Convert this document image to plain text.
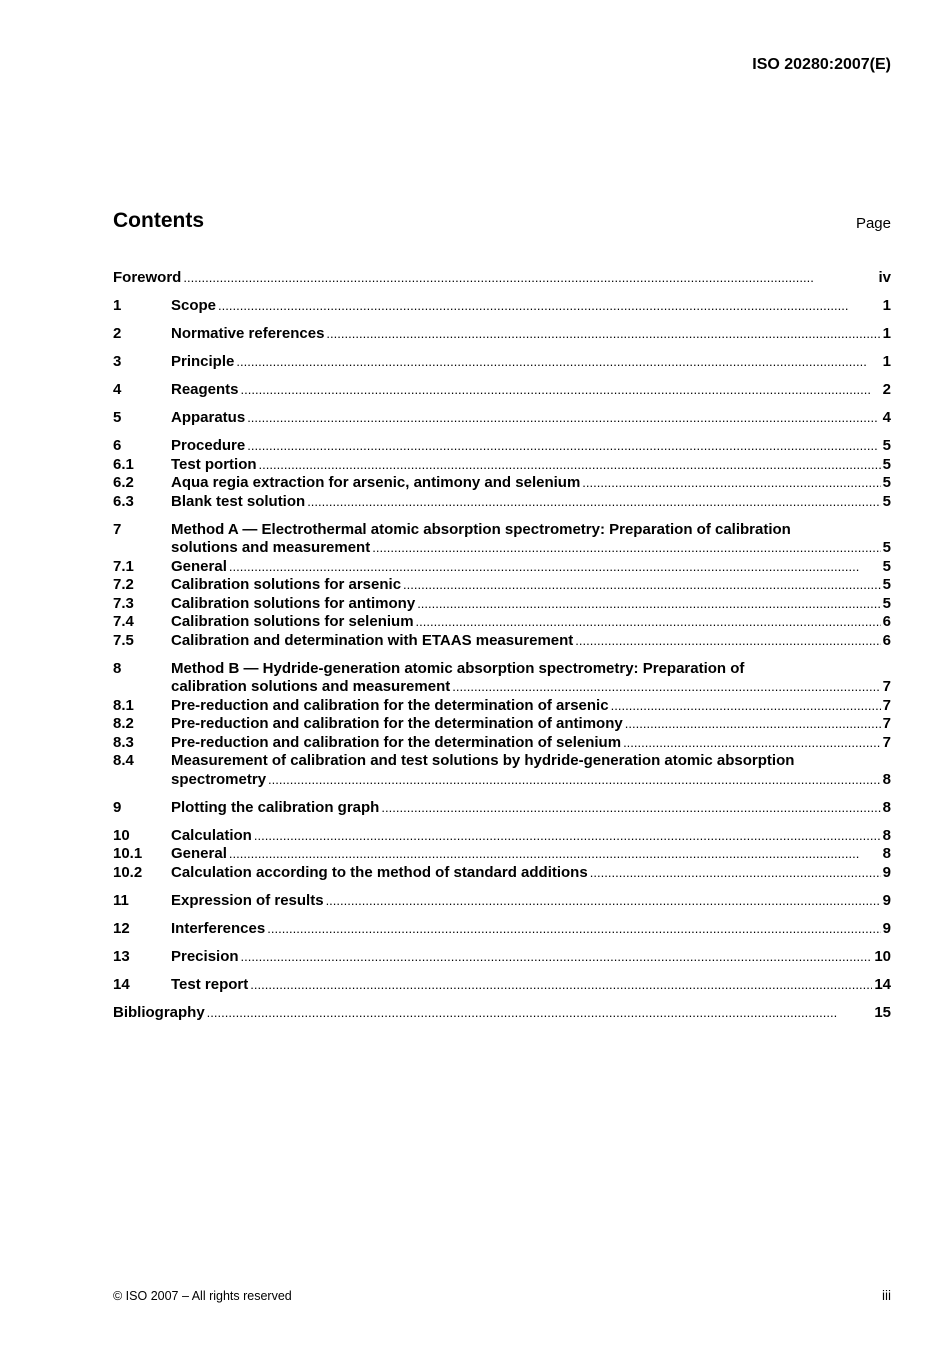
ISO 20280:2007(E)
Contents	Page
Foreword . . .	iv
1	Scope . . .	1
2	Normative references . . .	1
3	Principle . . .	1
4	Reagents . . .	2
5	Apparatus . . .	4
6	Procedure . . .	5
6.1	Test portion . . .	5
6.2	Aqua regia extraction for arsenic, antimony and selenium . . .	5
6.3	Blank test solution . . .	5
7	Method A — Electrothermal atomic absorption spectrometry: Preparation of calibration
solutions and measurement . . .	5
7.1	General . . .	5
7.2	Calibration solutions for arsenic . . .	5
7.3	Calibration solutions for antimony . . .	5
7.4	Calibration solutions for selenium . . .	6
7.5	Calibration and determination with ETAAS measurement . . .	6
8	Method B — Hydride-generation atomic absorption spectrometry: Preparation of
calibration solutions and measurement . . .	7
8.1	Pre-reduction and calibration for the determination of arsenic . . .	7
8.2	Pre-reduction and calibration for the determination of antimony . . .	7
8.3	Pre-reduction and calibration for the determination of selenium . . .	7
8.4	Measurement of calibration and test solutions by hydride-generation atomic absorption
spectrometry . . .	8
9	Plotting the calibration graph . . .	8
10	Calculation . . .	8
10.1	General . . .	8
10.2	Calculation according to the method of standard additions . . .	9
11	Expression of results . . .	9
12	Interferences . . .	9
13	Precision . . .	10
14	Test report . . .	14
Bibliography . . .	15
© ISO 2007 – All rights reserved	iii
